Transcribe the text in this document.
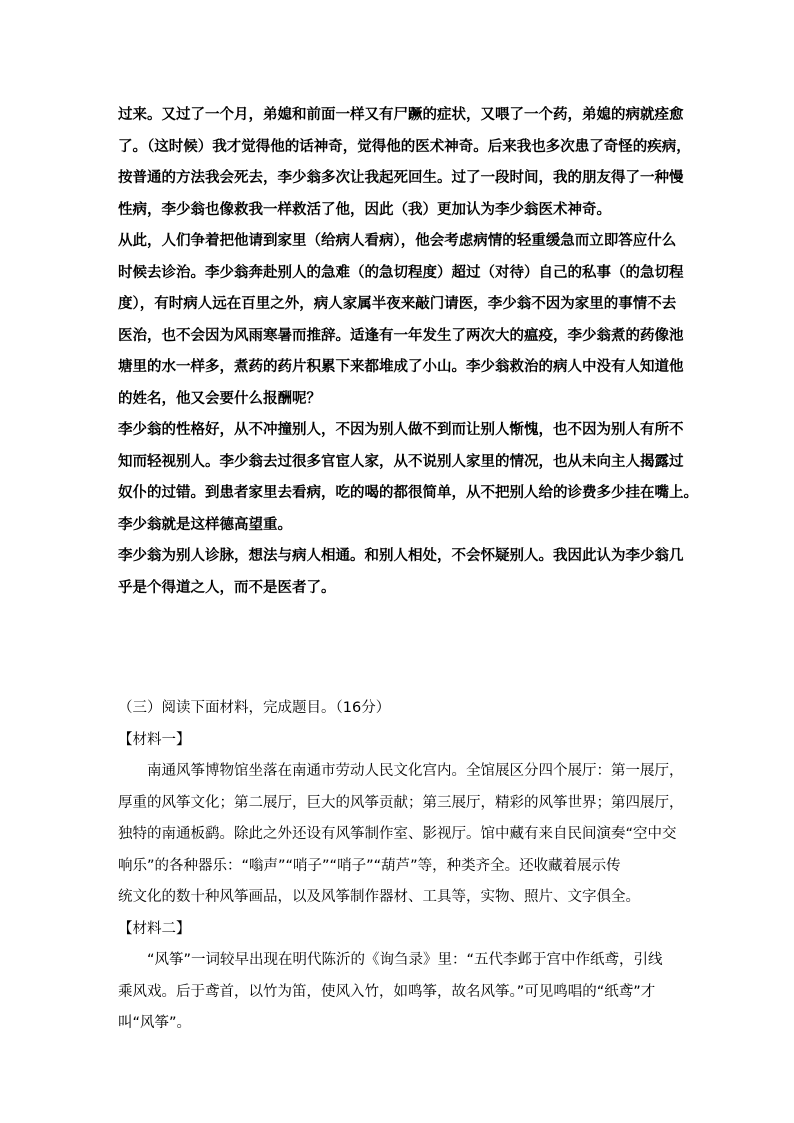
过来。又过了一个月，弟媳和前面一样又有尸蹶的症状，又喂了一个药，弟媳的病就痊愈

了。（这时候）我才觉得他的话神奇，觉得他的医术神奇。后来我也多次患了奇怪的疾病，

按普通的方法我会死去，李少翁多次让我起死回生。过了一段时间，我的朋友得了一种慢

性病，李少翁也像救我一样救活了他，因此（我）更加认为李少翁医术神奇。

从此，人们争着把他请到家里（给病人看病），他会考虑病情的轻重缓急而立即答应什么

时候去诊治。李少翁奔赴别人的急难（的急切程度）超过（对待）自己的私事（的急切程

度），有时病人远在百里之外，病人家属半夜来敲门请医，李少翁不因为家里的事情不去

医治，也不会因为风雨寒暑而推辞。适逢有一年发生了两次大的瘟疫，李少翁煮的药像池

塘里的水一样多，煮药的药片积累下来都堆成了小山。李少翁救治的病人中没有人知道他

的姓名，他又会要什么报酬呢？

李少翁的性格好，从不冲撞别人，不因为别人做不到而让别人惭愧，也不因为别人有所不

知而轻视别人。李少翁去过很多官宦人家，从不说别人家里的情况，也从未向主人揭露过

奴仆的过错。到患者家里去看病，吃的喝的都很简单，从不把别人给的诊费多少挂在嘴上。

李少翁就是这样德高望重。

李少翁为别人诊脉，想法与病人相通。和别人相处，不会怀疑别人。我因此认为李少翁几

乎是个得道之人，而不是医者了。

（三）阅读下面材料，完成题目。（16分）

【材料一】

南通风筝博物馆坐落在南通市劳动人民文化宫内。全馆展区分四个展厅：第一展厅，

厚重的风筝文化；第二展厅，巨大的风筝贡献；第三展厅，精彩的风筝世界；第四展厅，

独特的南通板鹞。除此之外还设有风筝制作室、影视厅。馆中藏有来自民间演奏“空中交

响乐”的各种器乐：“嗡声”“哨子”“哨子”“葫芦”等，种类齐全。还收藏着展示传

统文化的数十种风筝画品，以及风筝制作器材、工具等，实物、照片、文字俱全。

【材料二】

“风筝”一词较早出现在明代陈沂的《询刍录》里：“五代李邺于宫中作纸鸢，引线

乘风戏。后于鸢首，以竹为笛，使风入竹，如鸣筝，故名风筝。”可见鸣唱的“纸鸢”才

叫“风筝”。
